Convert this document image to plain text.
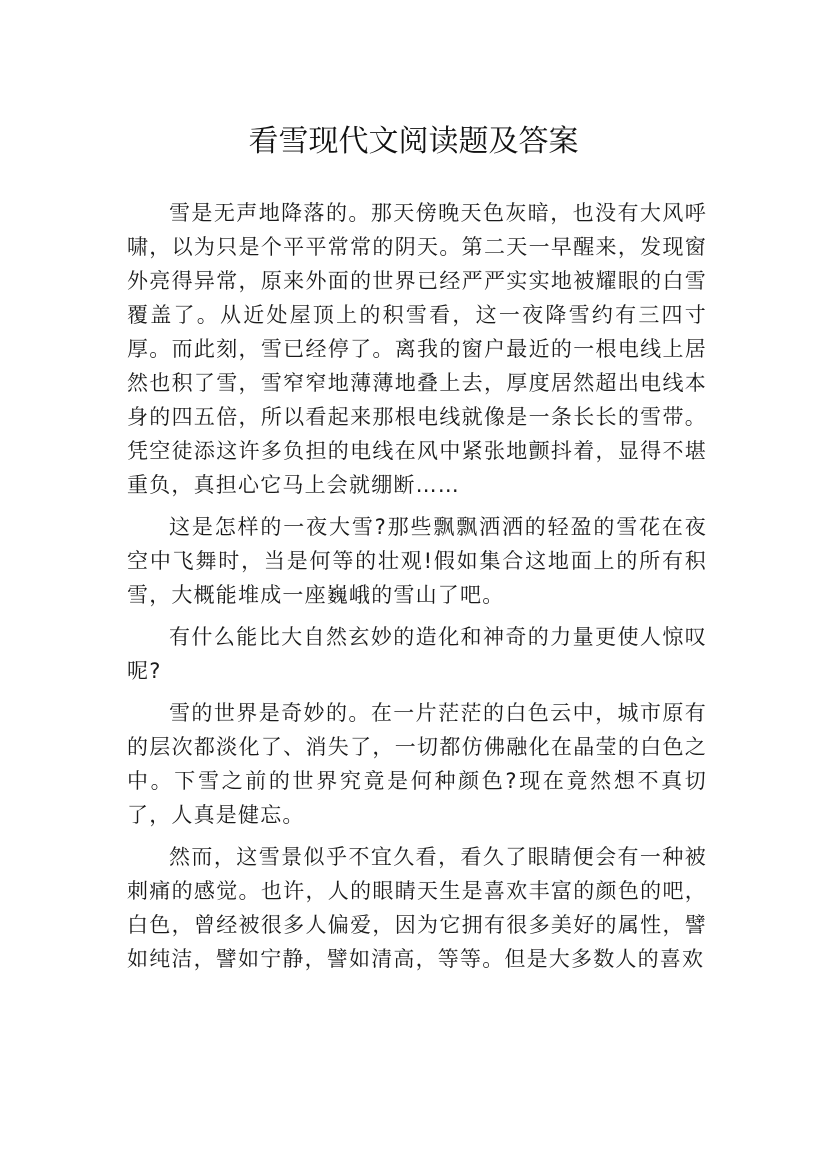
看雪现代文阅读题及答案

雪是无声地降落的。那天傍晚天色灰暗，也没有大风呼啸，以为只是个平平常常的阴天。第二天一早醒来，发现窗外亮得异常，原来外面的世界已经严严实实地被耀眼的白雪覆盖了。从近处屋顶上的积雪看，这一夜降雪约有三四寸厚。而此刻，雪已经停了。离我的窗户最近的一根电线上居然也积了雪，雪窄窄地薄薄地叠上去，厚度居然超出电线本身的四五倍，所以看起来那根电线就像是一条长长的雪带。凭空徒添这许多负担的电线在风中紧张地颤抖着，显得不堪重负，真担心它马上会就绷断……

这是怎样的一夜大雪?那些飘飘洒洒的轻盈的雪花在夜空中飞舞时，当是何等的壮观!假如集合这地面上的所有积雪，大概能堆成一座巍峨的雪山了吧。

有什么能比大自然玄妙的造化和神奇的力量更使人惊叹呢?

雪的世界是奇妙的。在一片茫茫的白色云中，城市原有的层次都淡化了、消失了，一切都仿佛融化在晶莹的白色之中。下雪之前的世界究竟是何种颜色?现在竟然想不真切了，人真是健忘。

然而，这雪景似乎不宜久看，看久了眼睛便会有一种被刺痛的感觉。也许，人的眼睛天生是喜欢丰富的颜色的吧，白色，曾经被很多人偏爱，因为它拥有很多美好的属性，譬如纯洁，譬如宁静，譬如清高，等等。但是大多数人的喜欢
